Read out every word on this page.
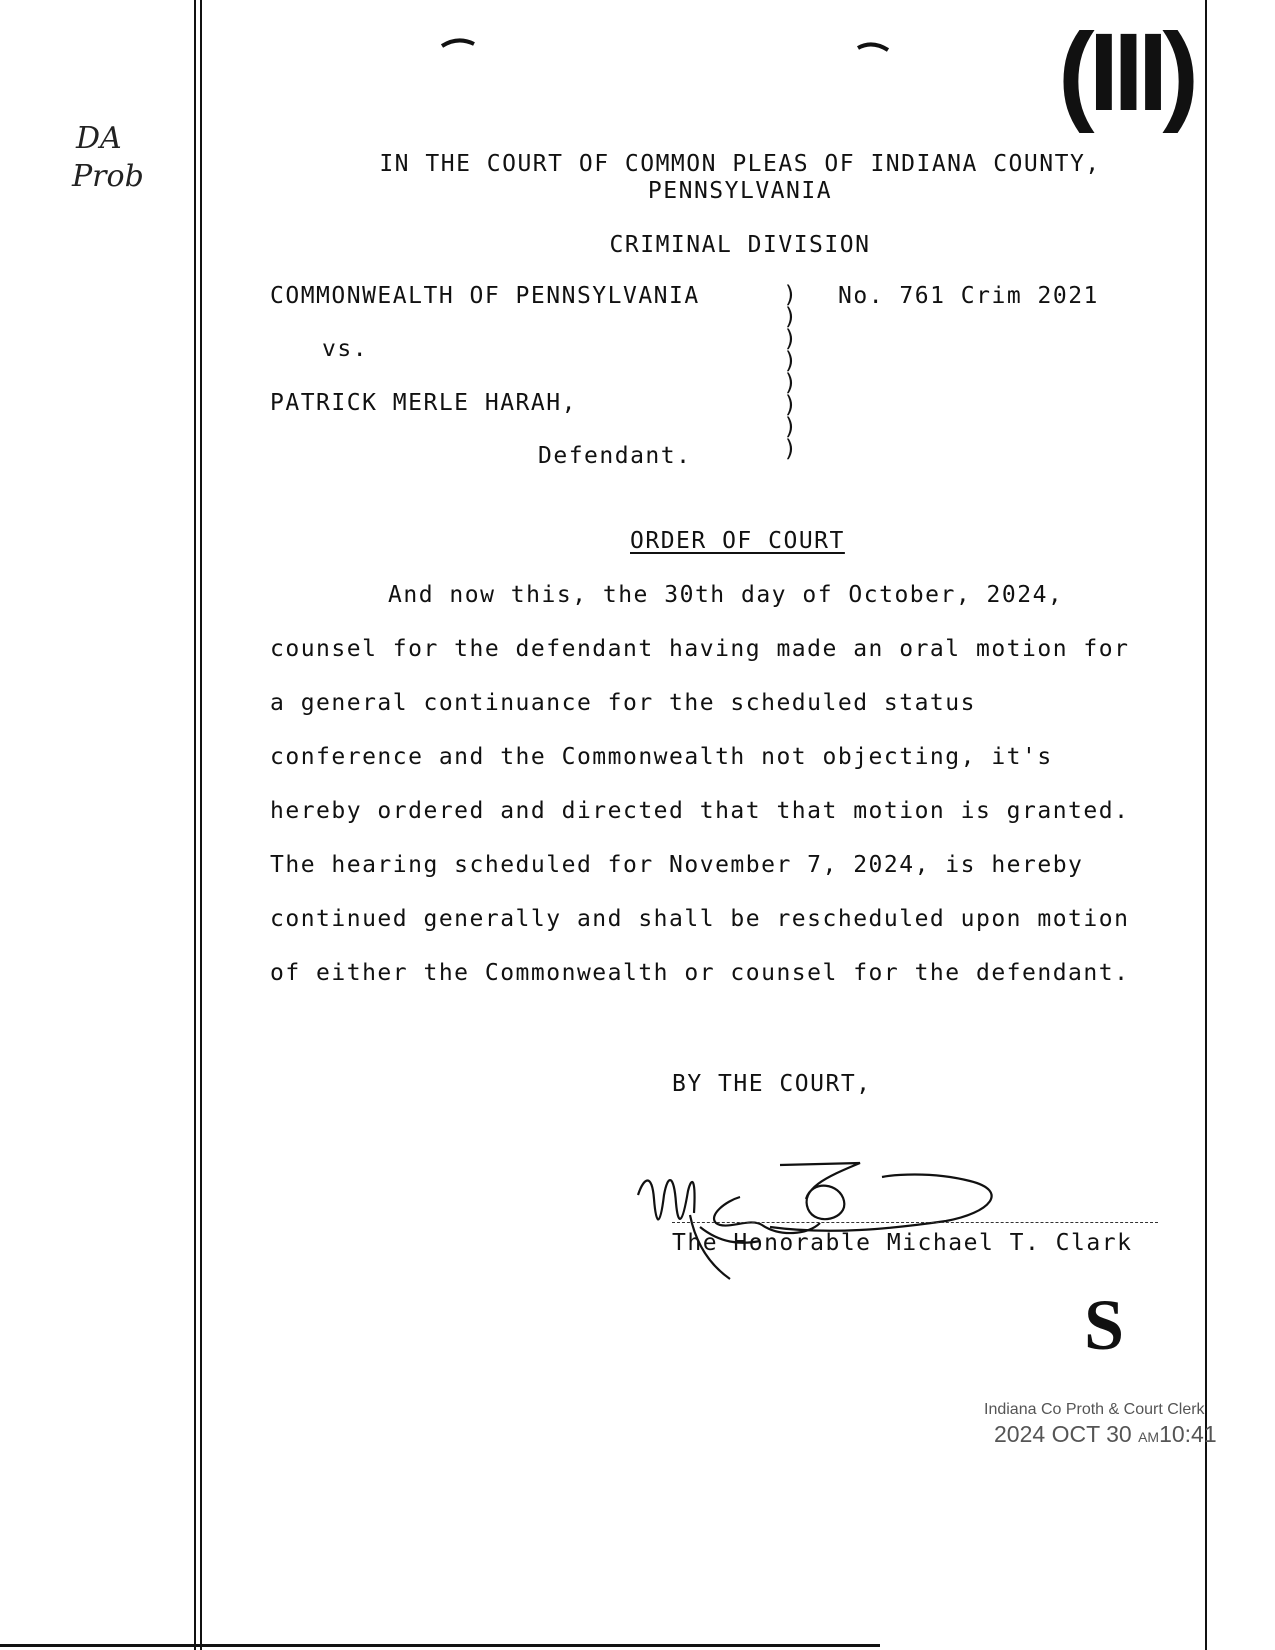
DA
Prob
(III)
IN THE COURT OF COMMON PLEAS OF INDIANA COUNTY,
PENNSYLVANIA
CRIMINAL DIVISION
COMMONWEALTH OF PENNSYLVANIA
vs.
PATRICK MERLE HARAH,
Defendant.
No. 761 Crim 2021
)
)
)
)
)
)
)
)
ORDER OF COURT
And now this, the 30th day of October, 2024,
counsel for the defendant having made an oral motion for
a general continuance for the scheduled status
conference and the Commonwealth not objecting, it's
hereby ordered and directed that that motion is granted.
The hearing scheduled for November 7, 2024, is hereby
continued generally and shall be rescheduled upon motion
of either the Commonwealth or counsel for the defendant.
BY THE COURT,
The Honorable Michael T. Clark
S
Indiana Co Proth & Court Clerk
2024 OCT 30 AM10:41
